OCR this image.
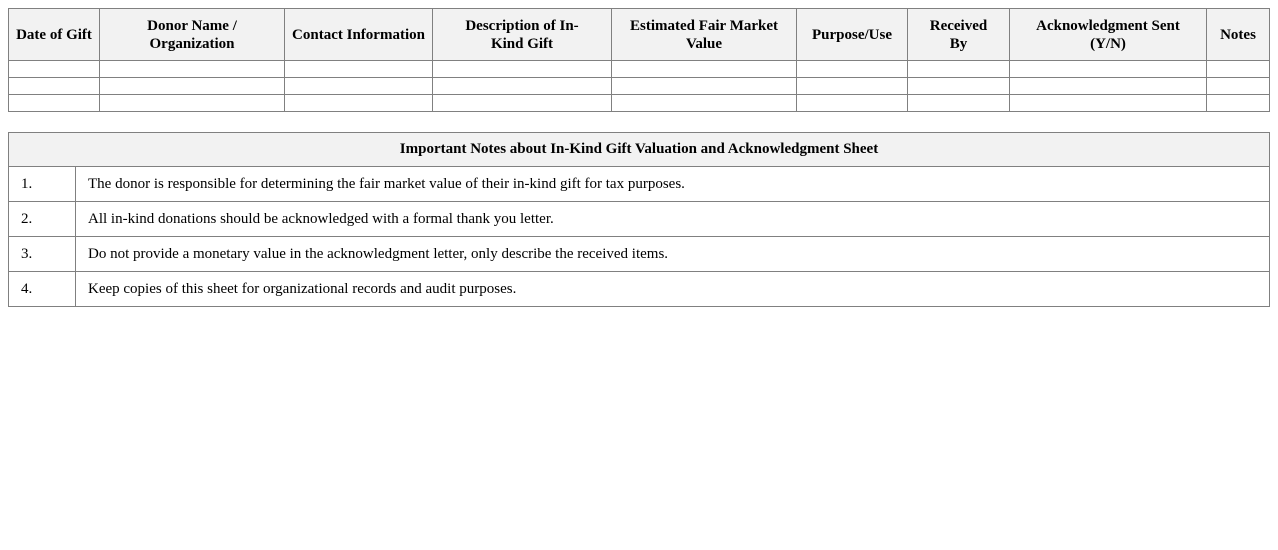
Date of Gift	Donor Name / Organization	Contact Information	Description of In-Kind Gift	Estimated Fair Market Value	Purpose/Use	Received By	Acknowledgment Sent (Y/N)	Notes

Important Notes about In-Kind Gift Valuation and Acknowledgment Sheet	
1.	The donor is responsible for determining the fair market value of their in-kind gift for tax purposes.
2.	All in-kind donations should be acknowledged with a formal thank you letter.
3.	Do not provide a monetary value in the acknowledgment letter, only describe the received items.
4.	Keep copies of this sheet for organizational records and audit purposes.
